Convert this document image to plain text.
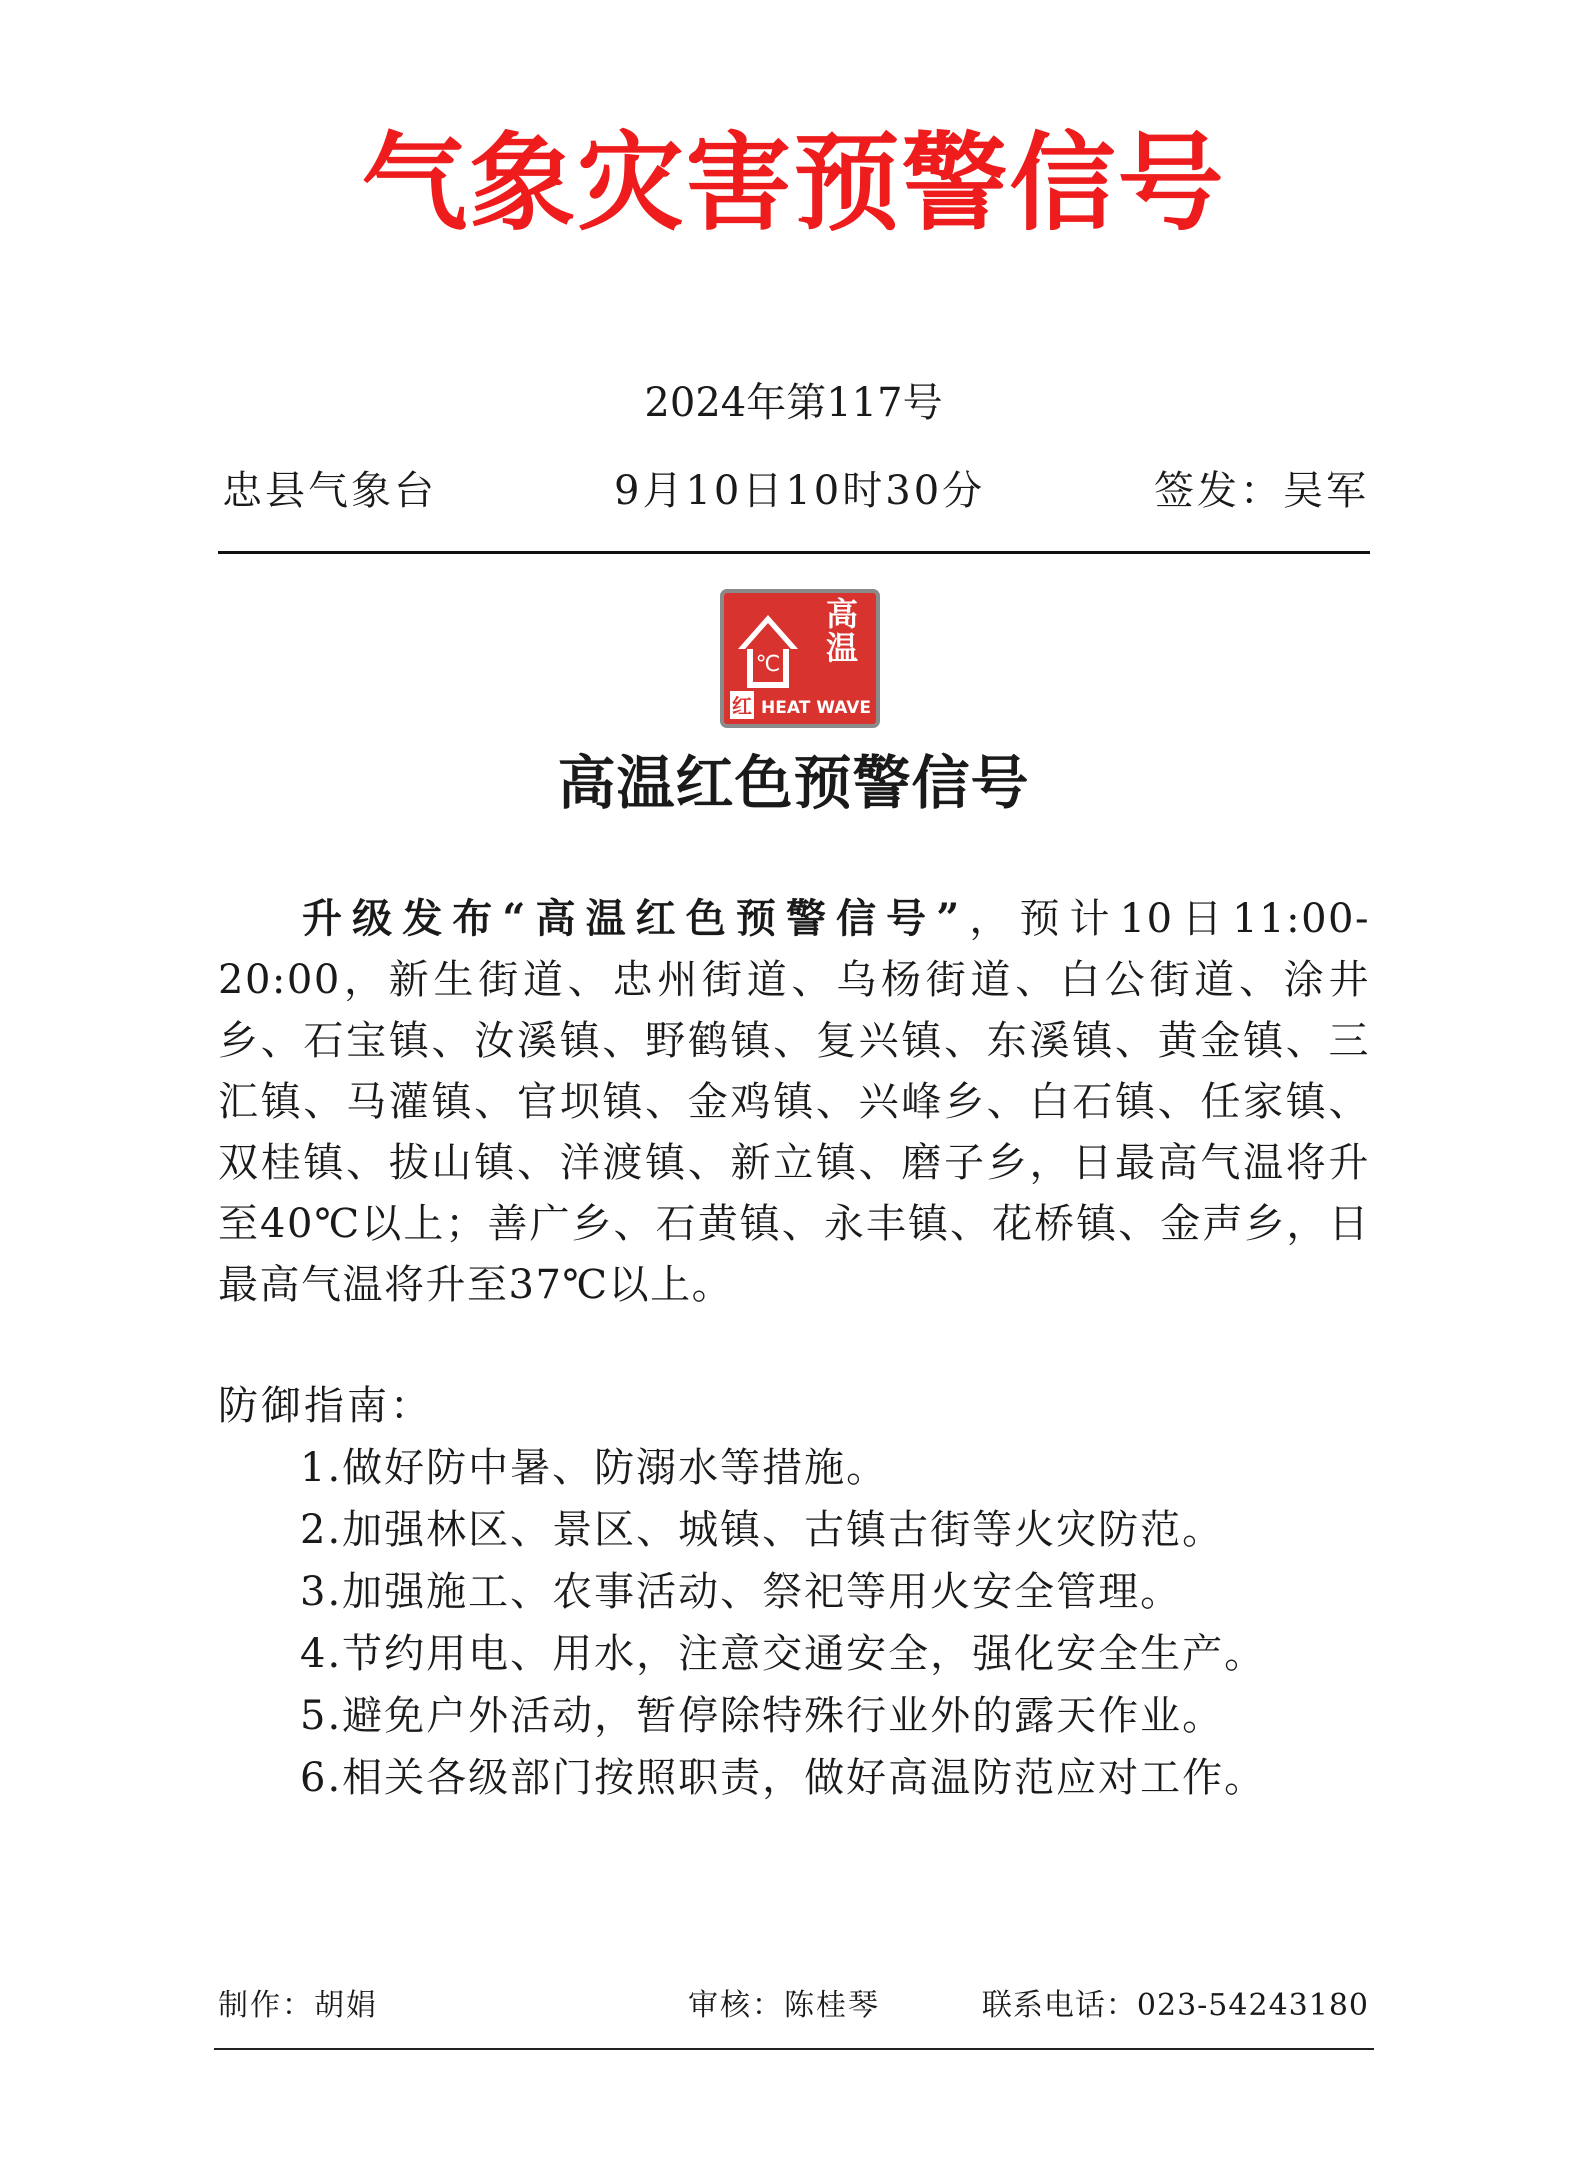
气象灾害预警信号
2024年第117号
忠县气象台	9月10日10时30分	签发：吴军
℃ 高温
红 HEAT WAVE
高温红色预警信号

升级发布“高温红色预警信号”，预计10日11:00-20:00，新生街道、忠州街道、乌杨街道、白公街道、涂井乡、石宝镇、汝溪镇、野鹤镇、复兴镇、东溪镇、黄金镇、三汇镇、马灌镇、官坝镇、金鸡镇、兴峰乡、白石镇、任家镇、双桂镇、拔山镇、洋渡镇、新立镇、磨子乡，日最高气温将升至40℃以上；善广乡、石黄镇、永丰镇、花桥镇、金声乡，日最高气温将升至37℃以上。

防御指南：
1.做好防中暑、防溺水等措施。
2.加强林区、景区、城镇、古镇古街等火灾防范。
3.加强施工、农事活动、祭祀等用火安全管理。
4.节约用电、用水，注意交通安全，强化安全生产。
5.避免户外活动，暂停除特殊行业外的露天作业。
6.相关各级部门按照职责，做好高温防范应对工作。
制作：胡娟	审核：陈桂琴	联系电话：023-54243180
